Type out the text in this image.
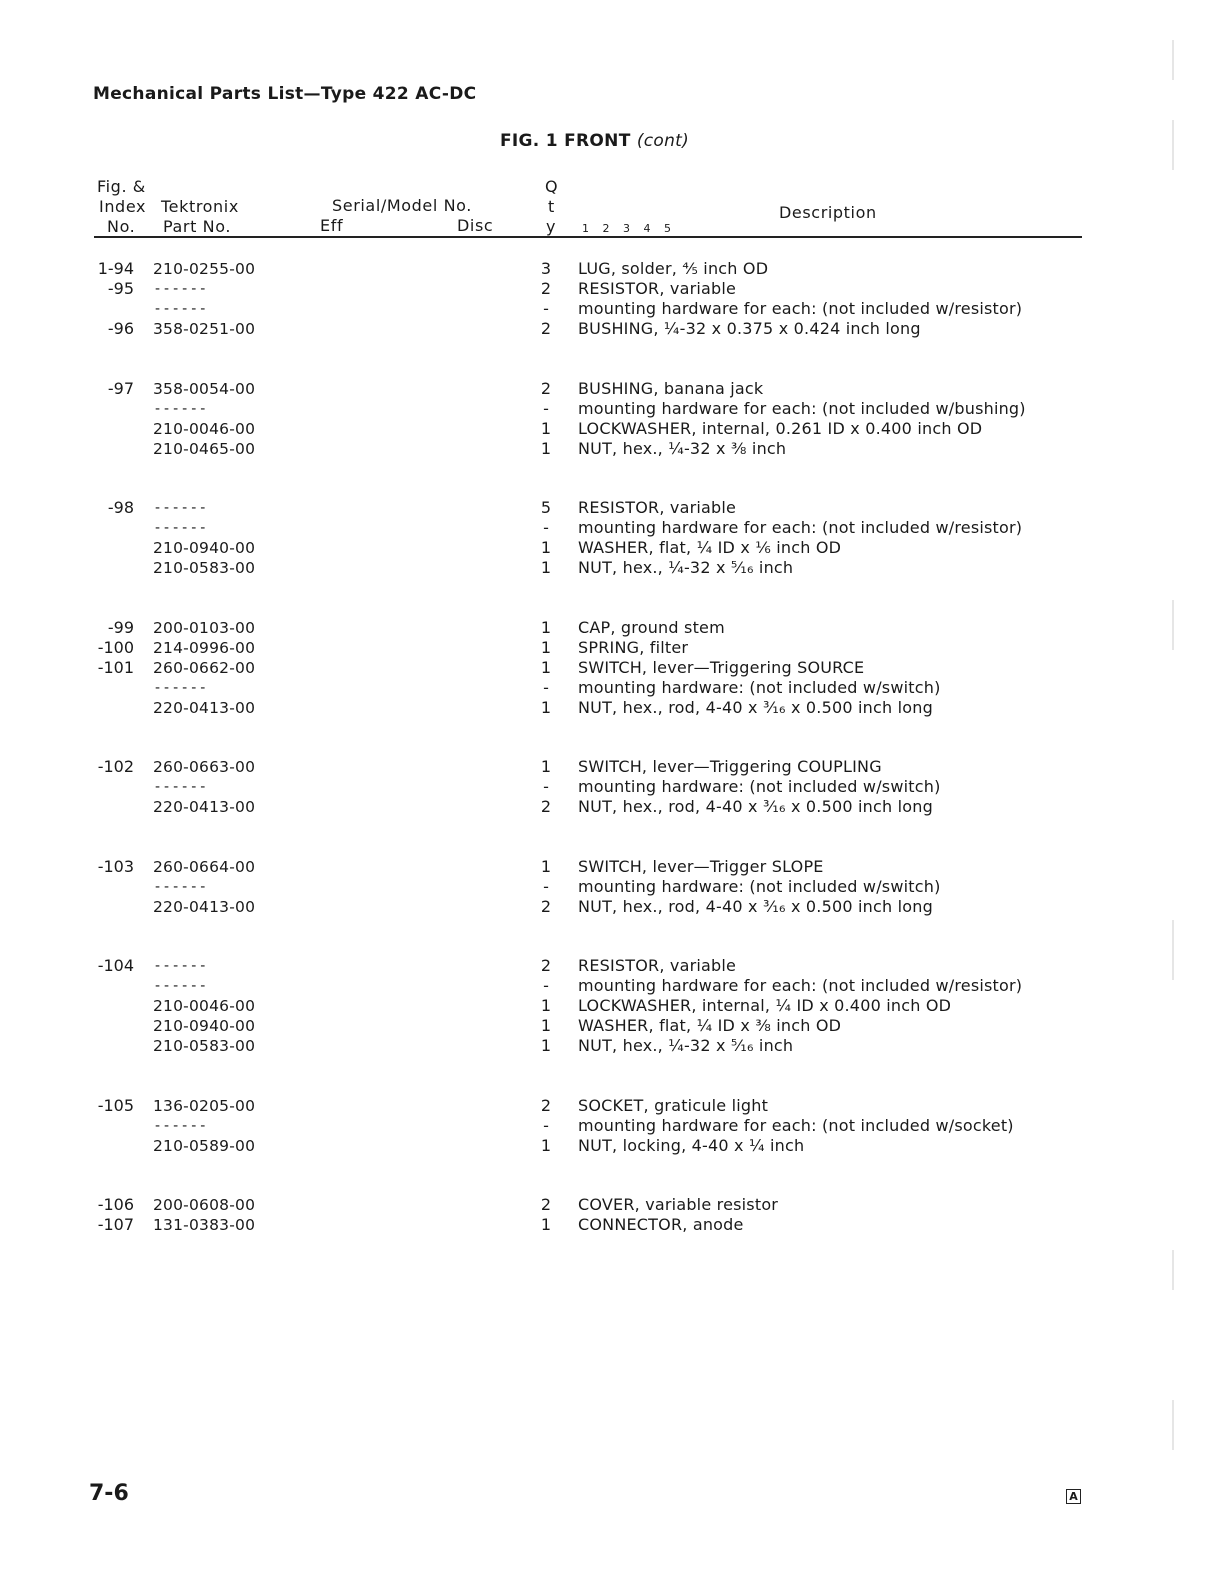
Mechanical Parts List—Type 422 AC-DC
FIG. 1 FRONT (cont)
Fig. &
Index
No.
Tektronix
Part No.
Serial/Model No.
Eff	Disc
Q
t
y 1 2 3 4 5
Description
1-94 210-0255-00	3	LUG, solder, ⅘ inch OD
-95 ------	2	RESISTOR, variable
------	-	mounting hardware for each: (not included w/resistor)
-96 358-0251-00	2	BUSHING, ¼-32 x 0.375 x 0.424 inch long
-97 358-0054-00	2	BUSHING, banana jack
------	-	mounting hardware for each: (not included w/bushing)
210-0046-00	1	LOCKWASHER, internal, 0.261 ID x 0.400 inch OD
210-0465-00	1	NUT, hex., ¼-32 x ⅜ inch
-98 ------	5	RESISTOR, variable
------	-	mounting hardware for each: (not included w/resistor)
210-0940-00	1	WASHER, flat, ¼ ID x ⅙ inch OD
210-0583-00	1	NUT, hex., ¼-32 x ⁵⁄₁₆ inch
-99 200-0103-00	1	CAP, ground stem
-100 214-0996-00	1	SPRING, filter
-101 260-0662-00	1	SWITCH, lever—Triggering SOURCE
------	-	mounting hardware: (not included w/switch)
220-0413-00	1	NUT, hex., rod, 4-40 x ³⁄₁₆ x 0.500 inch long
-102 260-0663-00	1	SWITCH, lever—Triggering COUPLING
------	-	mounting hardware: (not included w/switch)
220-0413-00	2	NUT, hex., rod, 4-40 x ³⁄₁₆ x 0.500 inch long
-103 260-0664-00	1	SWITCH, lever—Trigger SLOPE
------	-	mounting hardware: (not included w/switch)
220-0413-00	2	NUT, hex., rod, 4-40 x ³⁄₁₆ x 0.500 inch long
-104 ------	2	RESISTOR, variable
------	-	mounting hardware for each: (not included w/resistor)
210-0046-00	1	LOCKWASHER, internal, ¼ ID x 0.400 inch OD
210-0940-00	1	WASHER, flat, ¼ ID x ⅜ inch OD
210-0583-00	1	NUT, hex., ¼-32 x ⁵⁄₁₆ inch
-105 136-0205-00	2	SOCKET, graticule light
------	-	mounting hardware for each: (not included w/socket)
210-0589-00	1	NUT, locking, 4-40 x ¼ inch
-106 200-0608-00	2	COVER, variable resistor
-107 131-0383-00	1	CONNECTOR, anode
7-6	A
